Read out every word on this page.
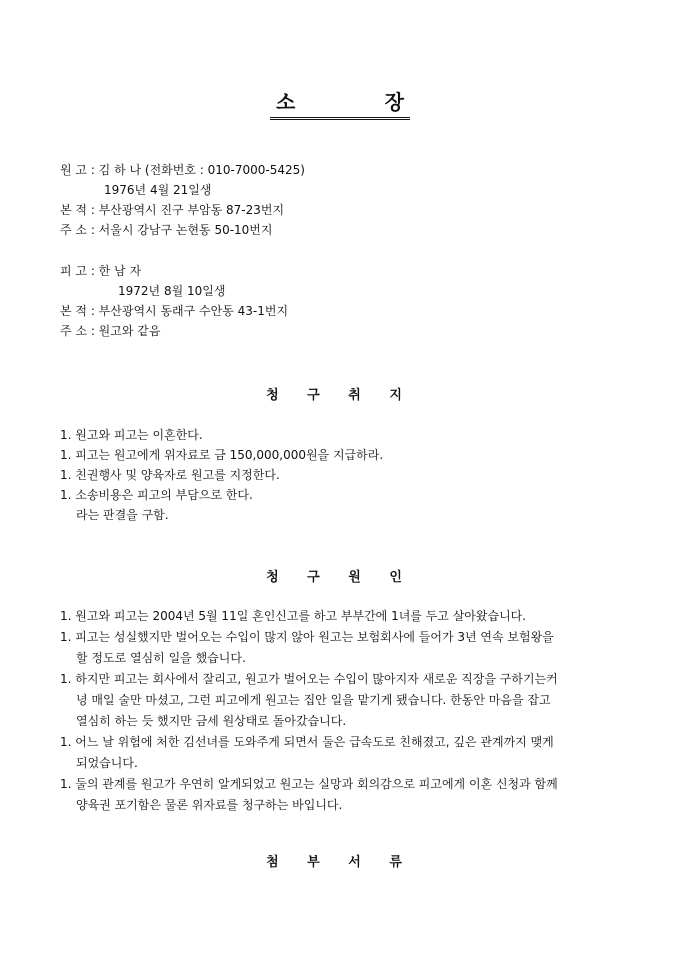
소	장
원 고 : 김 하 나 (전화번호 : 010-7000-5425)
1976년 4월 21일생
본 적 : 부산광역시 진구 부암동 87-23번지
주 소 : 서울시 강남구 논현동 50-10번지
피 고 : 한 남 자
1972년 8월 10일생
본 적 : 부산광역시 동래구 수안동 43-1번지
주 소 : 원고와 같음
청 구 취 지
1. 원고와 피고는 이혼한다.
1. 피고는 원고에게 위자료로 금 150,000,000원을 지급하라.
1. 친권행사 및 양육자로 원고를 지정한다.
1. 소송비용은 피고의 부담으로 한다.
라는 판결을 구함.
청 구 원 인
1. 원고와 피고는 2004년 5월 11일 혼인신고를 하고 부부간에 1녀를 두고 살아왔습니다.
1. 피고는 성실했지만 벌어오는 수입이 많지 않아 원고는 보험회사에 들어가 3년 연속 보험왕을
할 정도로 열심히 일을 했습니다.
1. 하지만 피고는 회사에서 잘리고, 원고가 벌어오는 수입이 많아지자 새로운 직장을 구하기는커
녕 매일 술만 마셨고, 그런 피고에게 원고는 집안 일을 맡기게 됐습니다. 한동안 마음을 잡고
열심히 하는 듯 했지만 금세 원상태로 돌아갔습니다.
1. 어느 날 위험에 처한 김선녀를 도와주게 되면서 둘은 급속도로 친해졌고, 깊은 관계까지 맺게
되었습니다.
1. 둘의 관계를 원고가 우연히 알게되었고 원고는 실망과 회의감으로 피고에게 이혼 신청과 함께
양육권 포기함은 물론 위자료를 청구하는 바입니다.
첨 부 서 류
